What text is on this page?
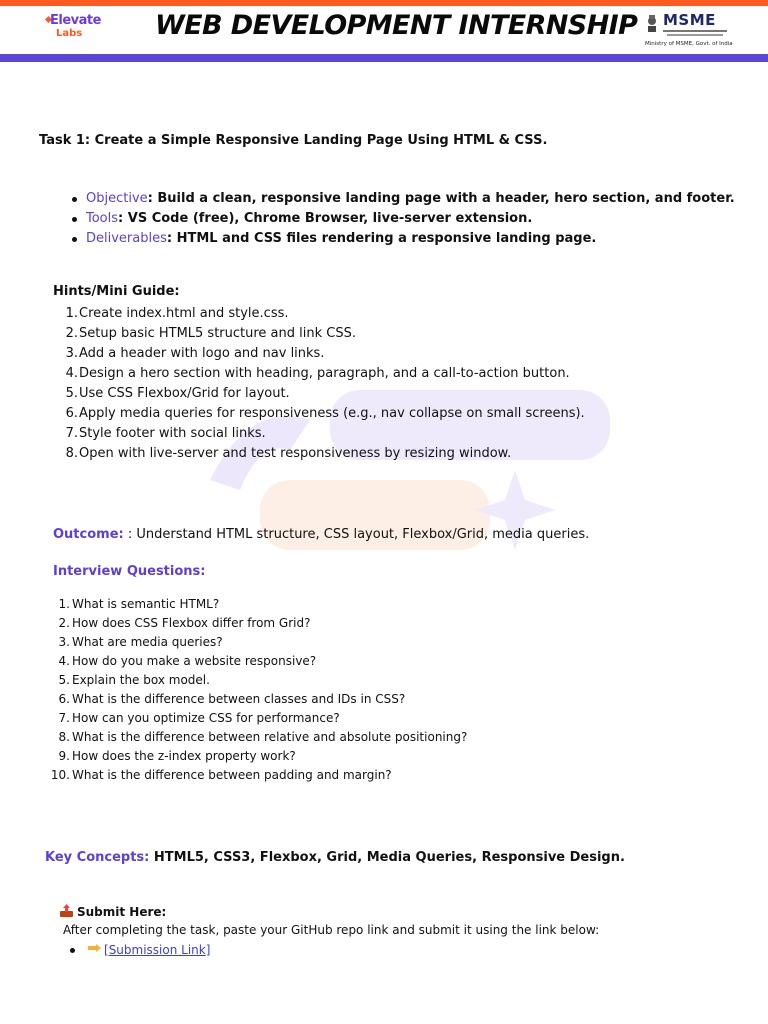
Elevate
Labs	WEB DEVELOPMENT INTERNSHIP MSME
Ministry of MSME, Govt. of India
Task 1: Create a Simple Responsive Landing Page Using HTML & CSS.
Objective: Build a clean, responsive landing page with a header, hero section, and footer.
Tools: VS Code (free), Chrome Browser, live-server extension.
Deliverables: HTML and CSS files rendering a responsive landing page.
Hints/Mini Guide:
1. Create index.html and style.css.
2. Setup basic HTML5 structure and link CSS.
3. Add a header with logo and nav links.
4. Design a hero section with heading, paragraph, and a call-to-action button.
5. Use CSS Flexbox/Grid for layout.
6. Apply media queries for responsiveness (e.g., nav collapse on small screens).
7. Style footer with social links.
8. Open with live-server and test responsiveness by resizing window.
Outcome: : Understand HTML structure, CSS layout, Flexbox/Grid, media queries.
Interview Questions:
1. What is semantic HTML?
2. How does CSS Flexbox differ from Grid?
3. What are media queries?
4. How do you make a website responsive?
5. Explain the box model.
6. What is the difference between classes and IDs in CSS?
7. How can you optimize CSS for performance?
8. What is the difference between relative and absolute positioning?
9. How does the z-index property work?
10. What is the difference between padding and margin?
Key Concepts: HTML5, CSS3, Flexbox, Grid, Media Queries, Responsive Design.
Submit Here:
After completing the task, paste your GitHub repo link and submit it using the link below:
[Submission Link]
